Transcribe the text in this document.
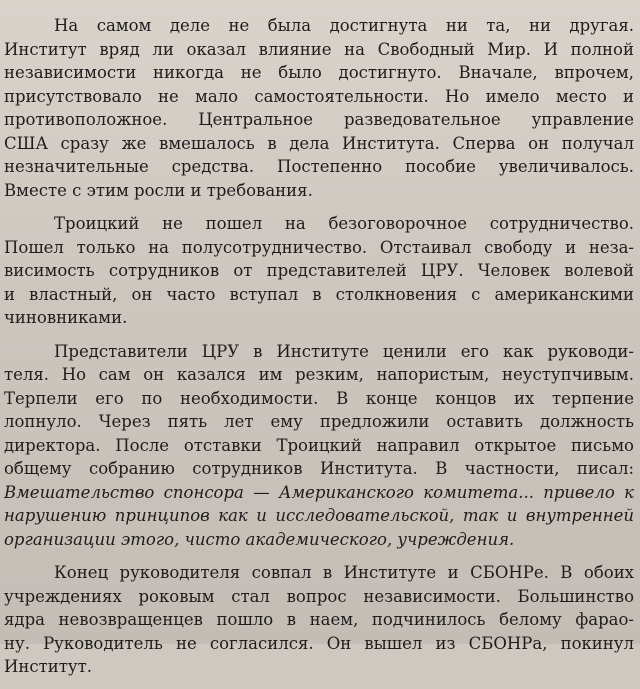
На самом деле не была достигнута ни та, ни другая.
Институт вряд ли оказал влияние на Свободный Мир. И полной
независимости никогда не было достигнуто. Вначале, впрочем,
присутствовало не мало самостоятельности. Но имело место и
противоположное. Центральное разведовательное управление
США сразу же вмешалось в дела Института. Сперва он получал
незначительные средства. Постепенно пособие увеличивалось.
Вместе с этим росли и требования.

Троицкий не пошел на безоговорочное сотрудничество.
Пошел только на полусотрудничество. Отстаивал свободу и неза-
висимость сотрудников от представителей ЦРУ. Человек волевой
и властный, он часто вступал в столкновения с американскими
чиновниками.

Представители ЦРУ в Институте ценили его как руководи-
теля. Но сам он казался им резким, напористым, неуступчивым.
Терпели его по необходимости. В конце концов их терпение
лопнуло. Через пять лет ему предложили оставить должность
директора. После отставки Троицкий направил открытое письмо
общему собранию сотрудников Института. В частности, писал:
Вмешательство спонсора — Американского комитета... привело к
нарушению принципов как и исследовательской, так и внутренней
организации этого, чисто академического, учреждения.

Конец руководителя совпал в Институте и СБОНРе. В обоих
учреждениях роковым стал вопрос независимости. Большинство
ядра невозвращенцев пошло в наем, подчинилось белому фарао-
ну. Руководитель не согласился. Он вышел из СБОНРа, покинул
Институт.
